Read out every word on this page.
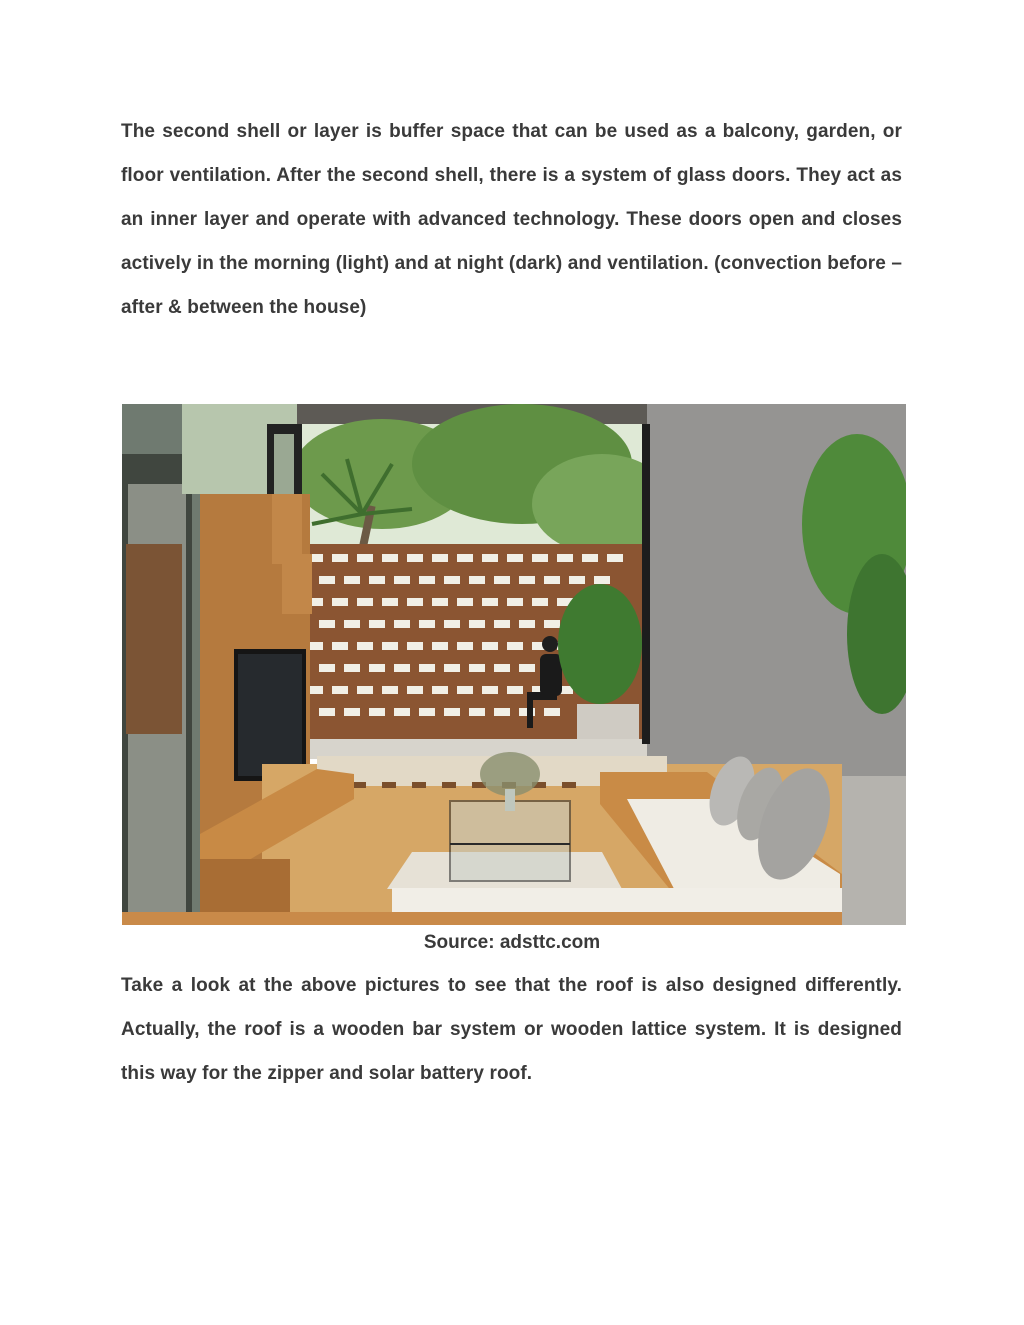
The second shell or layer is buffer space that can be used as a balcony, garden, or floor ventilation. After the second shell, there is a system of glass doors. They act as an inner layer and operate with advanced technology. These doors open and closes actively in the morning (light) and at night (dark) and ventilation. (convection before – after & between the house)

Source: adsttc.com

Take a look at the above pictures to see that the roof is also designed differently. Actually, the roof is a wooden bar system or wooden lattice system. It is designed this way for the zipper and solar battery roof.
